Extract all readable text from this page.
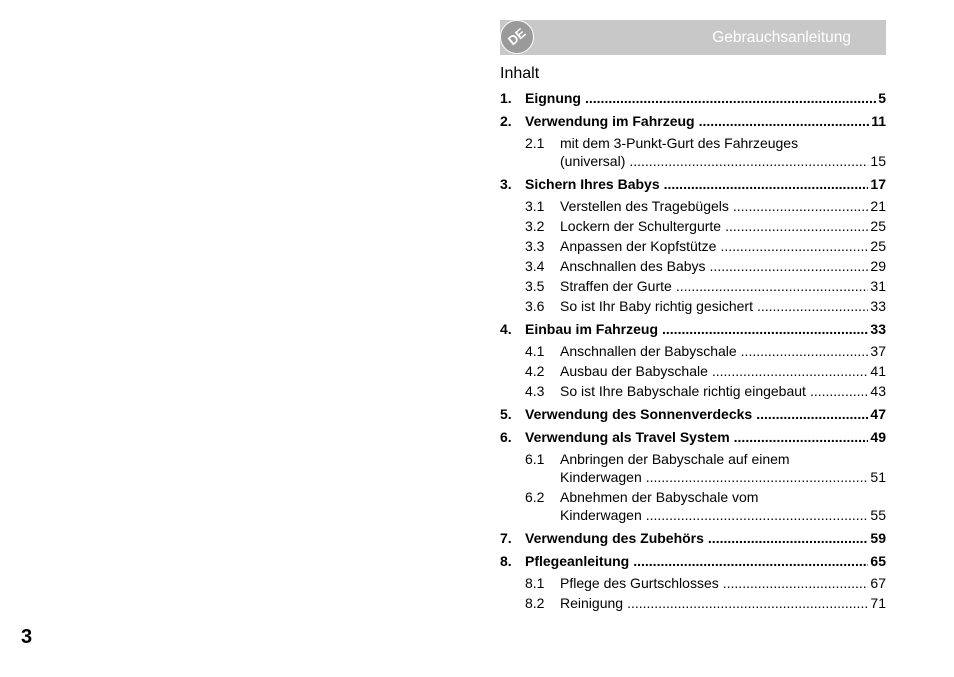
DE	Gebrauchsanleitung
Inhalt
1. Eignung .....	5
2. Verwendung im Fahrzeug .....	11
2.1 mit dem 3-Punkt-Gurt des Fahrzeuges
(universal) .....	15
3. Sichern Ihres Babys .....	17
3.1 Verstellen des Tragebügels .....	21
3.2 Lockern der Schultergurte .....	25
3.3 Anpassen der Kopfstütze .....	25
3.4 Anschnallen des Babys .....	29
3.5 Straffen der Gurte .....	31
3.6 So ist Ihr Baby richtig gesichert .....	33
4. Einbau im Fahrzeug .....	33
4.1 Anschnallen der Babyschale .....	37
4.2 Ausbau der Babyschale .....	41
4.3 So ist Ihre Babyschale richtig eingebaut .....	43
5. Verwendung des Sonnenverdecks .....	47
6. Verwendung als Travel System .....	49
6.1 Anbringen der Babyschale auf einem
Kinderwagen .....	51
6.2 Abnehmen der Babyschale vom
Kinderwagen .....	55
7. Verwendung des Zubehörs .....	59
8. Pflegeanleitung .....	65
8.1 Pflege des Gurtschlosses .....	67
8.2 Reinigung .....	71
3
